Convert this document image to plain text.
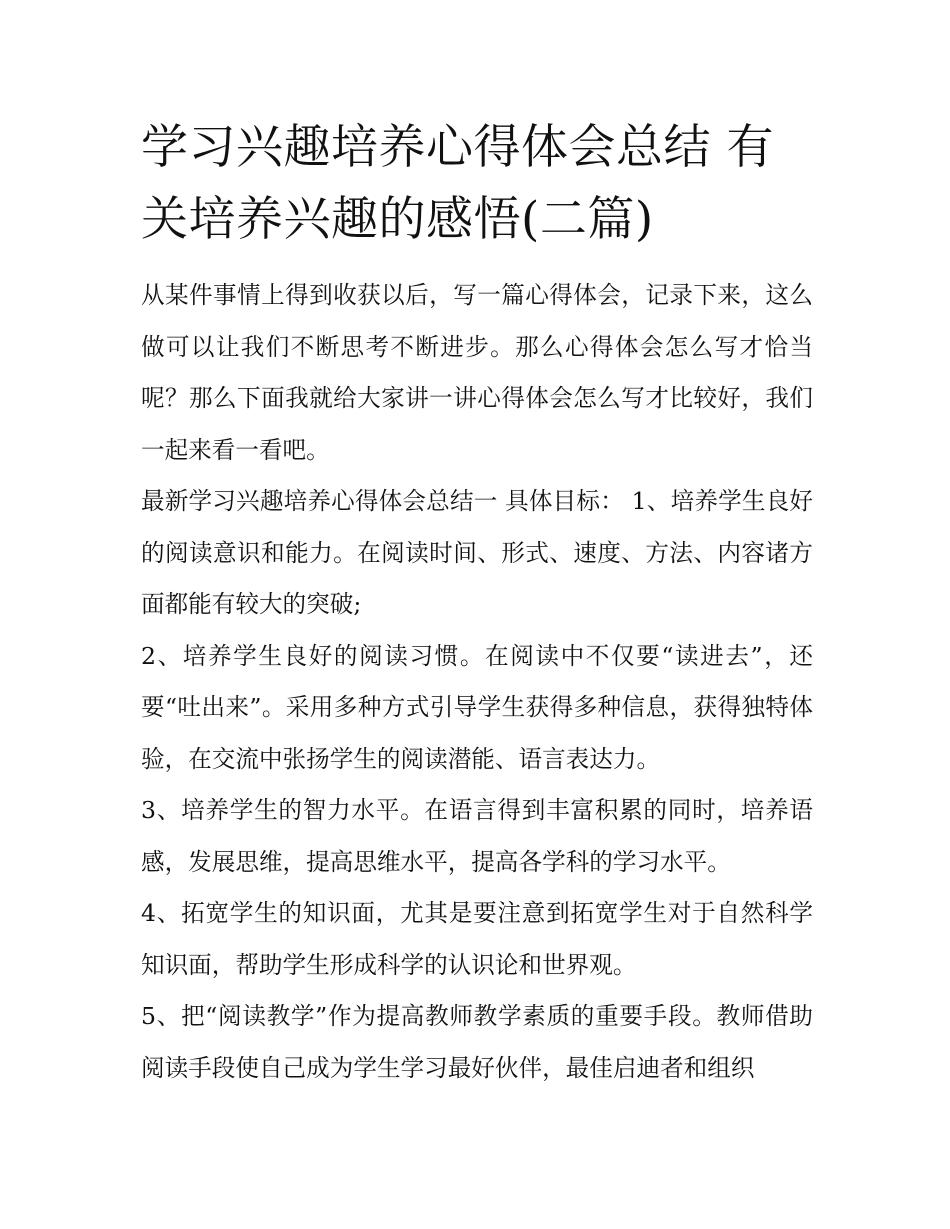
学习兴趣培养心得体会总结 有关培养兴趣的感悟(二篇)

从某件事情上得到收获以后，写一篇心得体会，记录下来，这么做可以让我们不断思考不断进步。那么心得体会怎么写才恰当呢？那么下面我就给大家讲一讲心得体会怎么写才比较好，我们一起来看一看吧。

最新学习兴趣培养心得体会总结一 具体目标： 1、培养学生良好的阅读意识和能力。在阅读时间、形式、速度、方法、内容诸方面都能有较大的突破;

2、培养学生良好的阅读习惯。在阅读中不仅要“读进去”，还要“吐出来”。采用多种方式引导学生获得多种信息，获得独特体验，在交流中张扬学生的阅读潜能、语言表达力。

3、培养学生的智力水平。在语言得到丰富积累的同时，培养语感，发展思维，提高思维水平，提高各学科的学习水平。

4、拓宽学生的知识面，尤其是要注意到拓宽学生对于自然科学知识面，帮助学生形成科学的认识论和世界观。

5、把“阅读教学”作为提高教师教学素质的重要手段。教师借助阅读手段使自己成为学生学习最好伙伴，最佳启迪者和组织
